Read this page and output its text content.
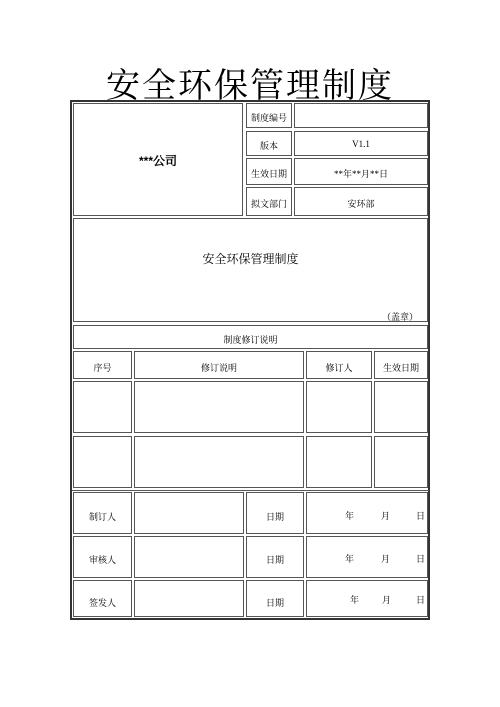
安全环保管理制度
***公司
制度编号
版本	V1.1
生效日期	**年**月**日
拟文部门	安环部
安全环保管理制度
（盖章）
制度修订说明
序号	修订说明	修订人	生效日期
制订人	日期	年	月	日
审核人	日期	年	月	日
签发人	日期	年	月	日
